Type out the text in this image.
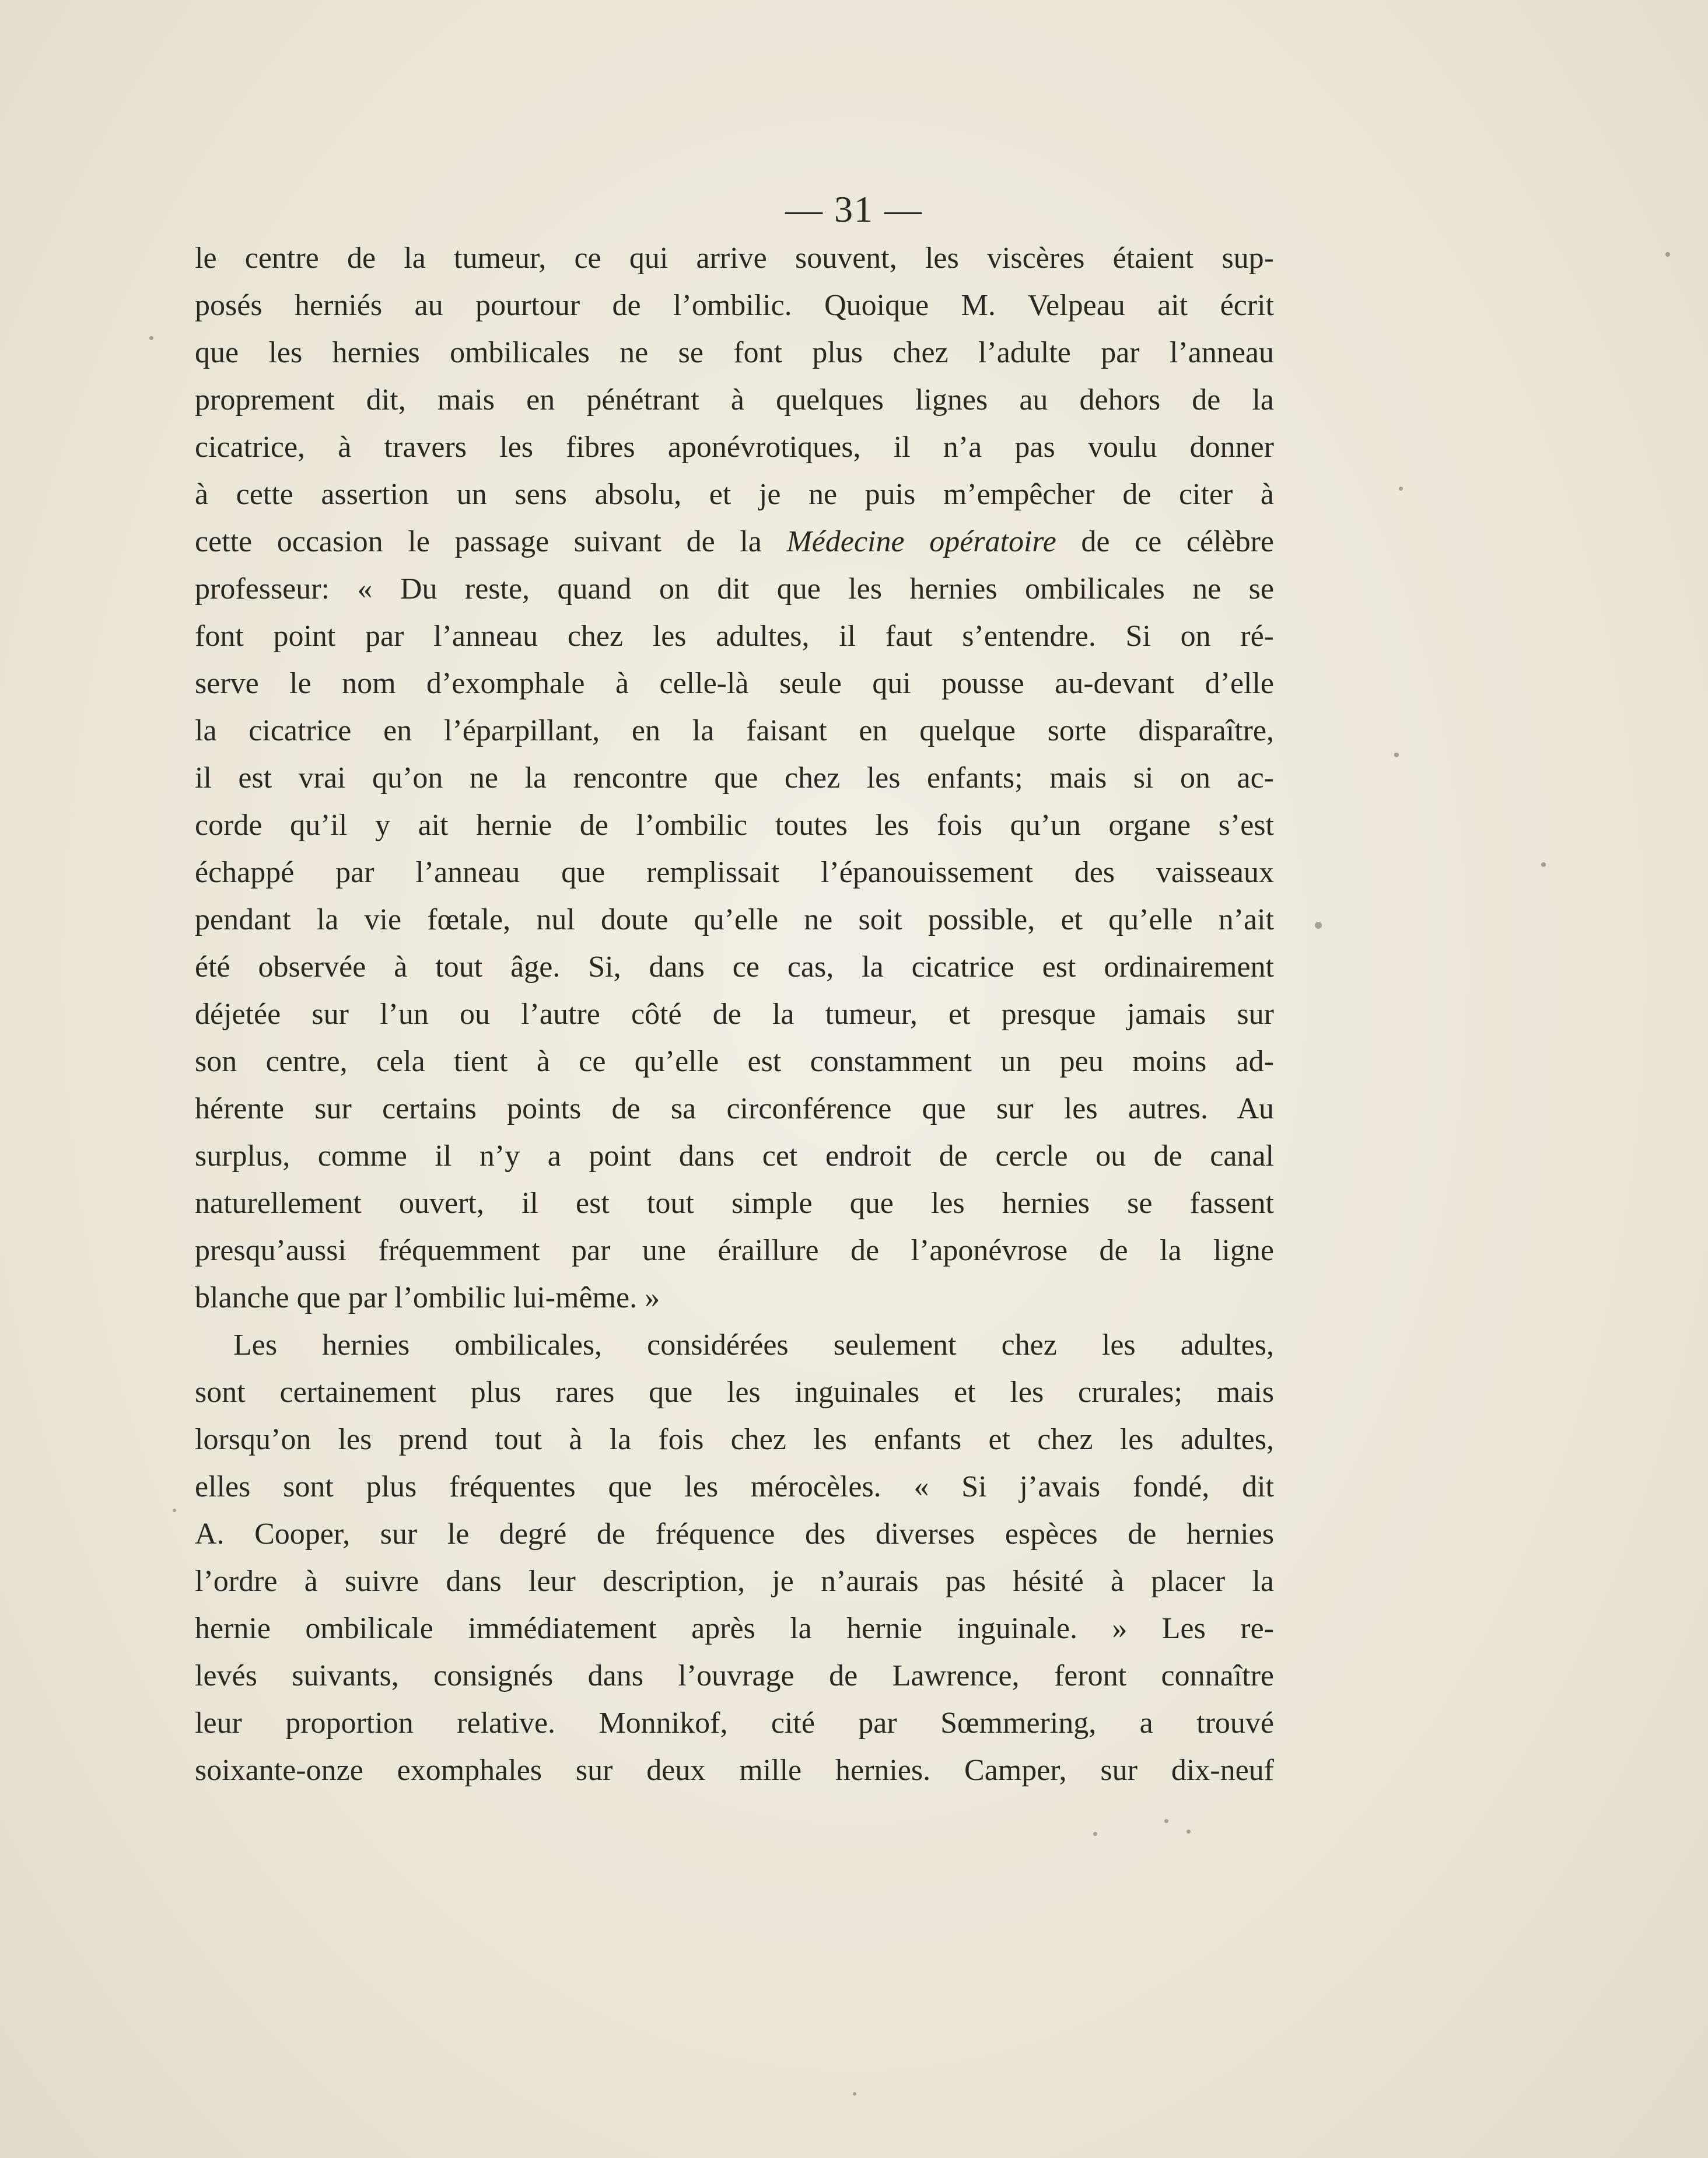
— 31 —
le centre de la tumeur, ce qui arrive souvent, les viscères étaient sup-
posés herniés au pourtour de l’ombilic. Quoique M. Velpeau ait écrit
que les hernies ombilicales ne se font plus chez l’adulte par l’anneau
proprement dit, mais en pénétrant à quelques lignes au dehors de la
cicatrice, à travers les fibres aponévrotiques, il n’a pas voulu donner
à cette assertion un sens absolu, et je ne puis m’empêcher de citer à
cette occasion le passage suivant de la Médecine opératoire de ce célèbre
professeur: « Du reste, quand on dit que les hernies ombilicales ne se
font point par l’anneau chez les adultes, il faut s’entendre. Si on ré-
serve le nom d’exomphale à celle-là seule qui pousse au-devant d’elle
la cicatrice en l’éparpillant, en la faisant en quelque sorte disparaître,
il est vrai qu’on ne la rencontre que chez les enfants; mais si on ac-
corde qu’il y ait hernie de l’ombilic toutes les fois qu’un organe s’est
échappé par l’anneau que remplissait l’épanouissement des vaisseaux
pendant la vie fœtale, nul doute qu’elle ne soit possible, et qu’elle n’ait
été observée à tout âge. Si, dans ce cas, la cicatrice est ordinairement
déjetée sur l’un ou l’autre côté de la tumeur, et presque jamais sur
son centre, cela tient à ce qu’elle est constamment un peu moins ad-
hérente sur certains points de sa circonférence que sur les autres. Au
surplus, comme il n’y a point dans cet endroit de cercle ou de canal
naturellement ouvert, il est tout simple que les hernies se fassent
presqu’aussi fréquemment par une éraillure de l’aponévrose de la ligne
blanche que par l’ombilic lui-même. »
Les hernies ombilicales, considérées seulement chez les adultes,
sont certainement plus rares que les inguinales et les crurales; mais
lorsqu’on les prend tout à la fois chez les enfants et chez les adultes,
elles sont plus fréquentes que les mérocèles. « Si j’avais fondé, dit
A. Cooper, sur le degré de fréquence des diverses espèces de hernies
l’ordre à suivre dans leur description, je n’aurais pas hésité à placer la
hernie ombilicale immédiatement après la hernie inguinale. » Les re-
levés suivants, consignés dans l’ouvrage de Lawrence, feront connaître
leur proportion relative. Monnikof, cité par Sœmmering, a trouvé
soixante-onze exomphales sur deux mille hernies. Camper, sur dix-neuf
